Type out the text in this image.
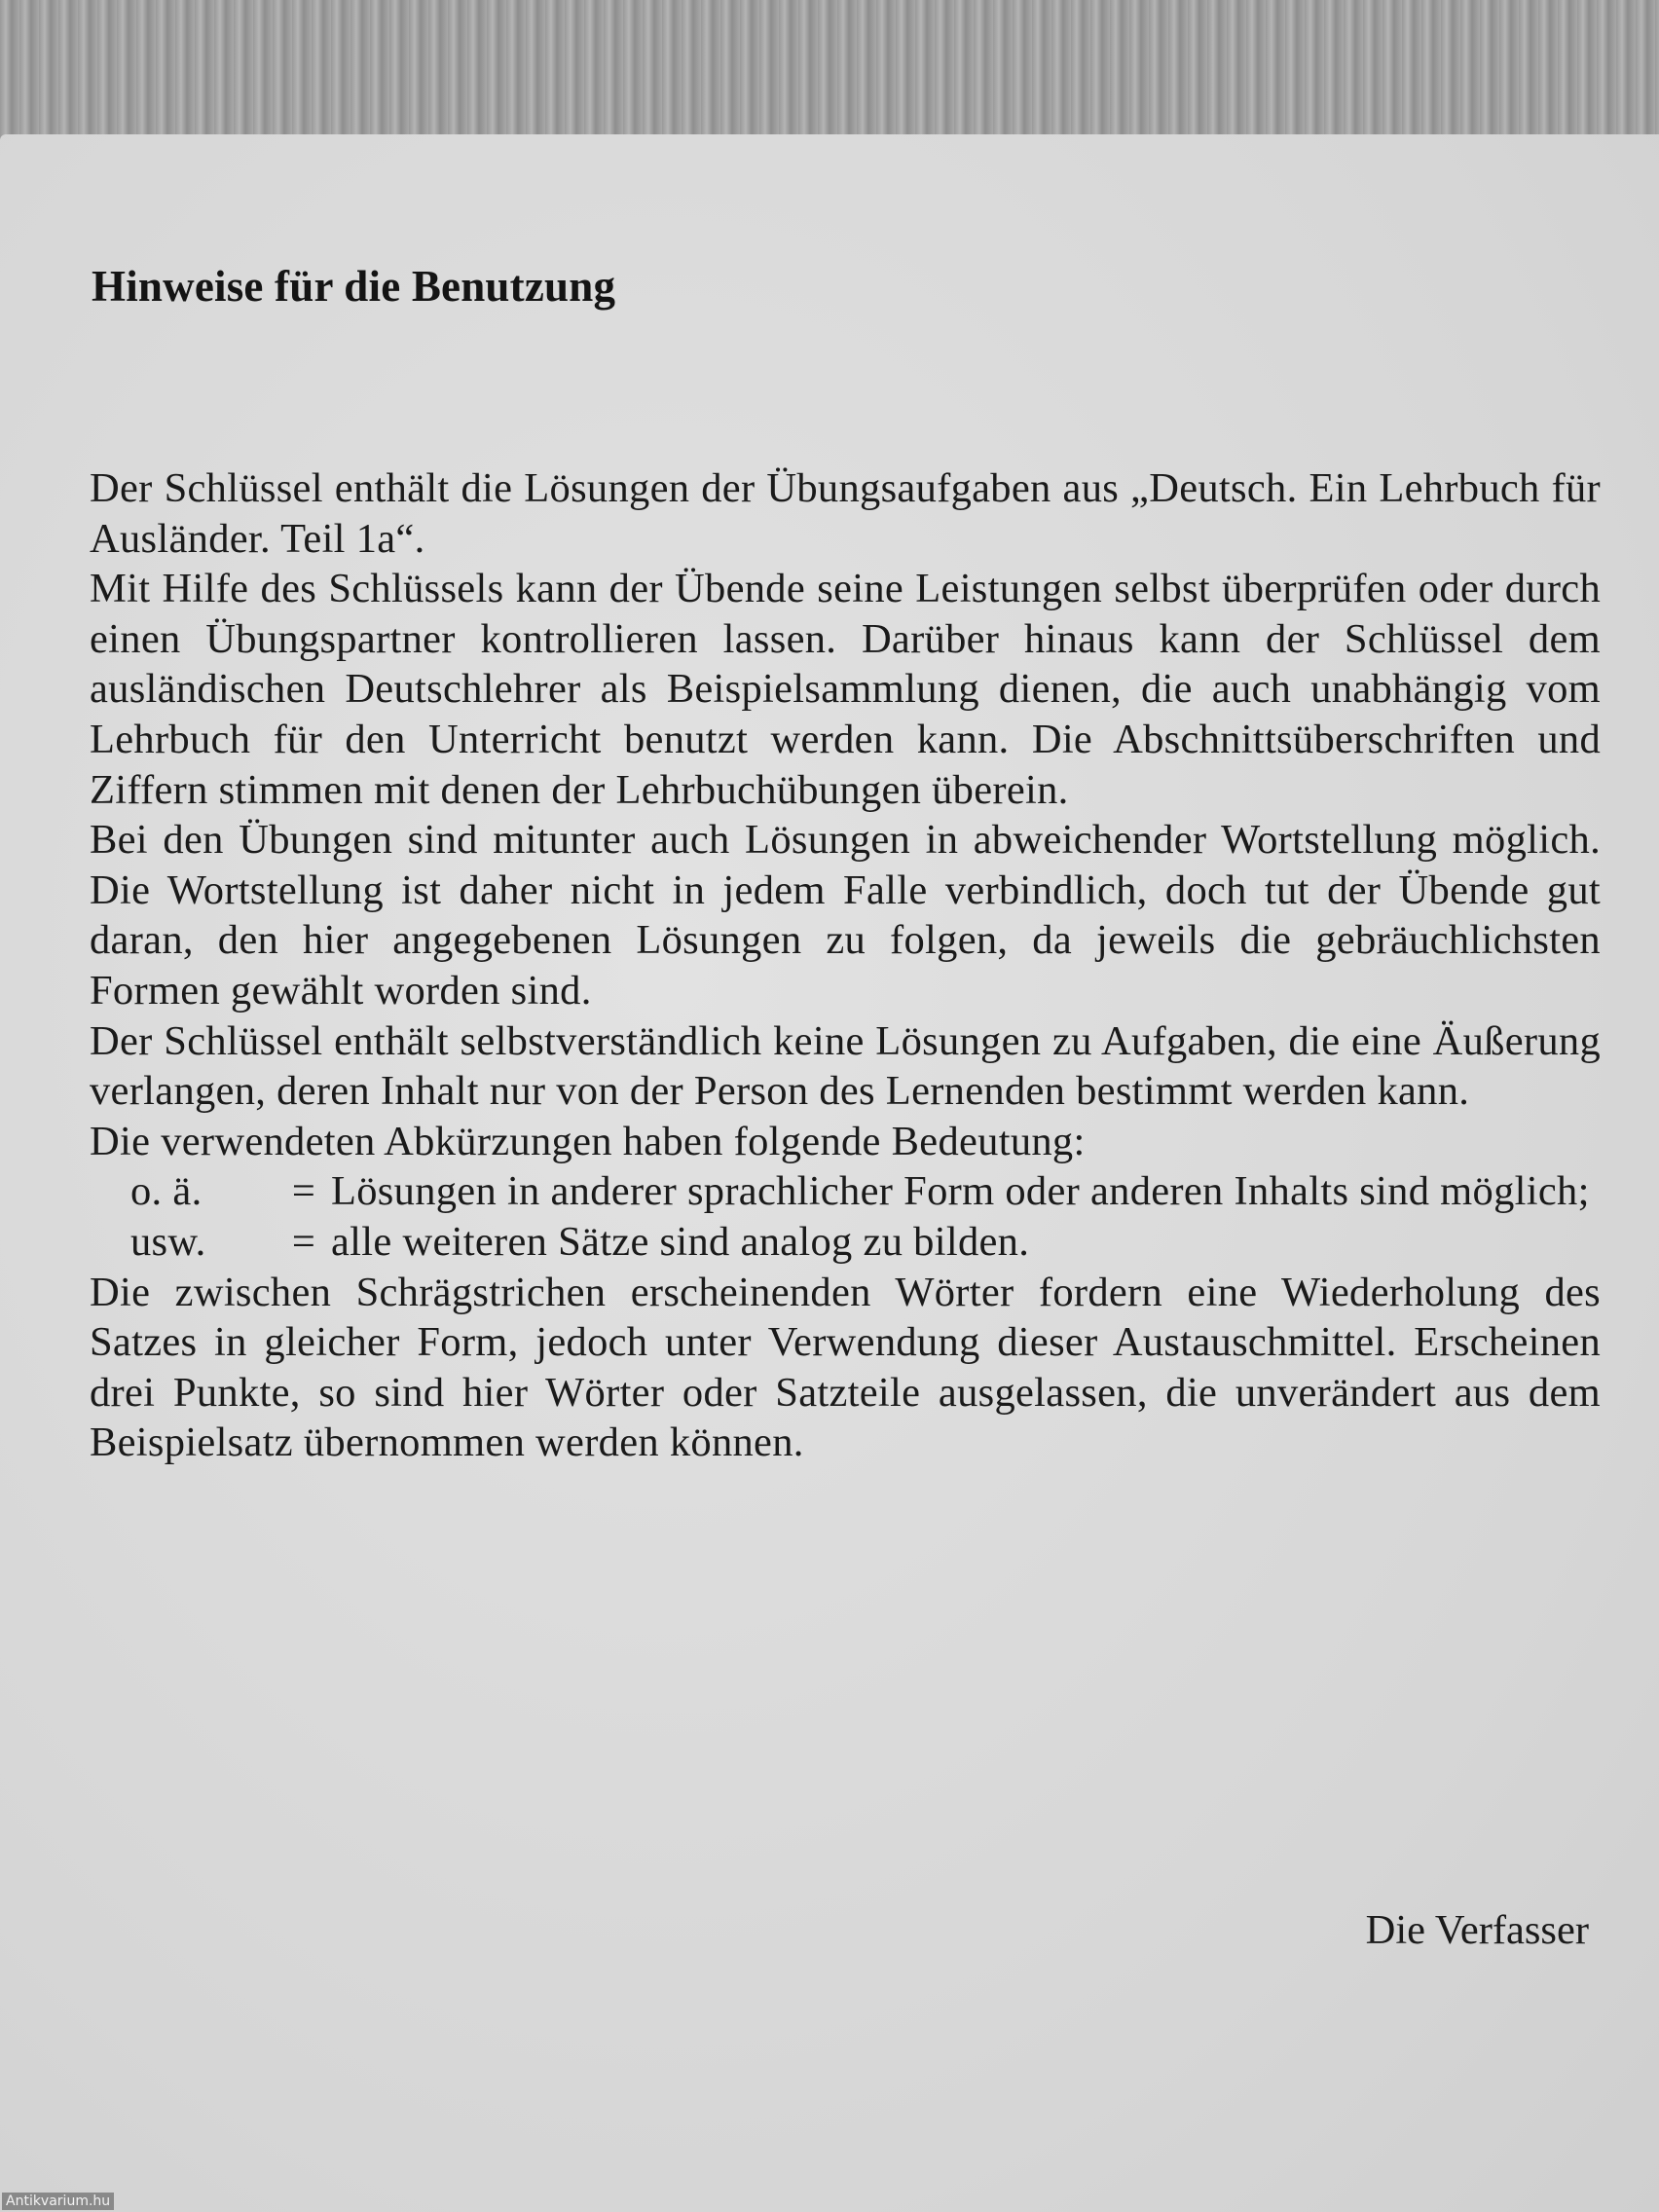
Hinweise für die Benutzung

Der Schlüssel enthält die Lösungen der Übungsaufgaben aus „Deutsch. Ein Lehrbuch für Ausländer. Teil 1a“.

Mit Hilfe des Schlüssels kann der Übende seine Leistungen selbst überprüfen oder durch einen Übungspartner kontrollieren lassen. Darüber hinaus kann der Schlüssel dem ausländischen Deutschlehrer als Beispielsammlung dienen, die auch unabhängig vom Lehrbuch für den Unterricht benutzt werden kann. Die Abschnittsüberschriften und Ziffern stimmen mit denen der Lehrbuchübungen überein.

Bei den Übungen sind mitunter auch Lösungen in abweichender Wortstellung möglich. Die Wortstellung ist daher nicht in jedem Falle verbindlich, doch tut der Übende gut daran, den hier angegebenen Lösungen zu folgen, da jeweils die gebräuchlichsten Formen gewählt worden sind.

Der Schlüssel enthält selbstverständlich keine Lösungen zu Aufgaben, die eine Äußerung verlangen, deren Inhalt nur von der Person des Lernenden bestimmt werden kann.

Die verwendeten Abkürzungen haben folgende Bedeutung:

o. ä.	= Lösungen in anderer sprachlicher Form oder anderen Inhalts sind möglich;
usw.	= alle weiteren Sätze sind analog zu bilden.

Die zwischen Schrägstrichen erscheinenden Wörter fordern eine Wiederholung des Satzes in gleicher Form, jedoch unter Verwendung dieser Austauschmittel. Erscheinen drei Punkte, so sind hier Wörter oder Satzteile ausgelassen, die unverändert aus dem Beispielsatz übernommen werden können.

Die Verfasser
Antikvarium.hu
